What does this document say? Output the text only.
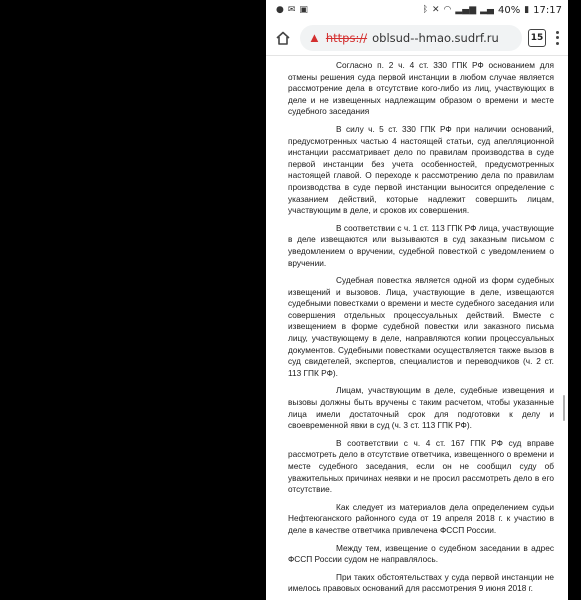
● ✉ ▣	ᛒ ✕ ◠ ▂▄▆ ▂▄ 40% ▮ 17:17
▲ https:// oblsud--hmao.sudrf.ru	15

Согласно п. 2 ч. 4 ст. 330 ГПК РФ основанием для отмены решения суда первой инстанции в любом случае является рассмотрение дела в отсутствие кого-либо из лиц, участвующих в деле и не извещенных надлежащим образом о времени и месте судебного заседания

В силу ч. 5 ст. 330 ГПК РФ при наличии оснований, предусмотренных частью 4 настоящей статьи, суд апелляционной инстанции рассматривает дело по правилам производства в суде первой инстанции без учета особенностей, предусмотренных настоящей главой. О переходе к рассмотрению дела по правилам производства в суде первой инстанции выносится определение с указанием действий, которые надлежит совершить лицам, участвующим в деле, и сроков их совершения.

В соответствии с ч. 1 ст. 113 ГПК РФ лица, участвующие в деле извещаются или вызываются в суд заказным письмом с уведомлением о вручении, судебной повесткой с уведомлением о вручении.

Судебная повестка является одной из форм судебных извещений и вызовов. Лица, участвующие в деле, извещаются судебными повестками о времени и месте судебного заседания или совершения отдельных процессуальных действий. Вместе с извещением в форме судебной повестки или заказного письма лицу, участвующему в деле, направляются копии процессуальных документов. Судебными повестками осуществляется также вызов в суд свидетелей, экспертов, специалистов и переводчиков (ч. 2 ст. 113 ГПК РФ).

Лицам, участвующим в деле, судебные извещения и вызовы должны быть вручены с таким расчетом, чтобы указанные лица имели достаточный срок для подготовки к делу и своевременной явки в суд (ч. 3 ст. 113 ГПК РФ).

В соответствии с ч. 4 ст. 167 ГПК РФ суд вправе рассмотреть дело в отсутствие ответчика, извещенного о времени и месте судебного заседания, если он не сообщил суду об уважительных причинах неявки и не просил рассмотреть дело в его отсутствие.

Как следует из материалов дела определением судьи Нефтеюганского районного суда от 19 апреля 2018 г. к участию в деле в качестве ответчика привлечена ФССП России.

Между тем, извещение о судебном заседании в адрес ФССП России судом не направлялось.

При таких обстоятельствах у суда первой инстанции не имелось правовых оснований для рассмотрения 9 июня 2018 г.
